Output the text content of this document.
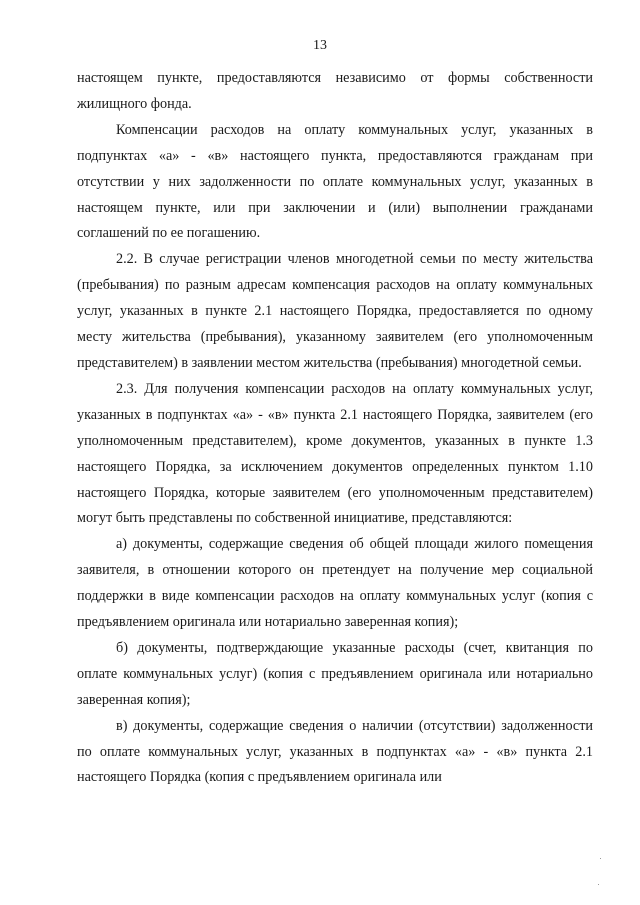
13

настоящем пункте, предоставляются независимо от формы собственности жилищного фонда.

Компенсации расходов на оплату коммунальных услуг, указанных в подпунктах «а» - «в» настоящего пункта, предоставляются гражданам при отсутствии у них задолженности по оплате коммунальных услуг, указанных в настоящем пункте, или при заключении и (или) выполнении гражданами соглашений по ее погашению.

2.2. В случае регистрации членов многодетной семьи по месту жительства (пребывания) по разным адресам компенсация расходов на оплату коммунальных услуг, указанных в пункте 2.1 настоящего Порядка, предоставляется по одному месту жительства (пребывания), указанному заявителем (его уполномоченным представителем) в заявлении местом жительства (пребывания) многодетной семьи.

2.3. Для получения компенсации расходов на оплату коммунальных услуг, указанных в подпунктах «а» - «в» пункта 2.1 настоящего Порядка, заявителем (его уполномоченным представителем), кроме документов, указанных в пункте 1.3 настоящего Порядка, за исключением документов определенных пунктом 1.10 настоящего Порядка, которые заявителем (его уполномоченным представителем) могут быть представлены по собственной инициативе, представляются:

а) документы, содержащие сведения об общей площади жилого помещения заявителя, в отношении которого он претендует на получение мер социальной поддержки в виде компенсации расходов на оплату коммунальных услуг (копия с предъявлением оригинала или нотариально заверенная копия);

б) документы, подтверждающие указанные расходы (счет, квитанция по оплате коммунальных услуг) (копия с предъявлением оригинала или нотариально заверенная копия);

в) документы, содержащие сведения о наличии (отсутствии) задолженности по оплате коммунальных услуг, указанных в подпунктах «а» - «в» пункта 2.1 настоящего Порядка (копия с предъявлением оригинала или
